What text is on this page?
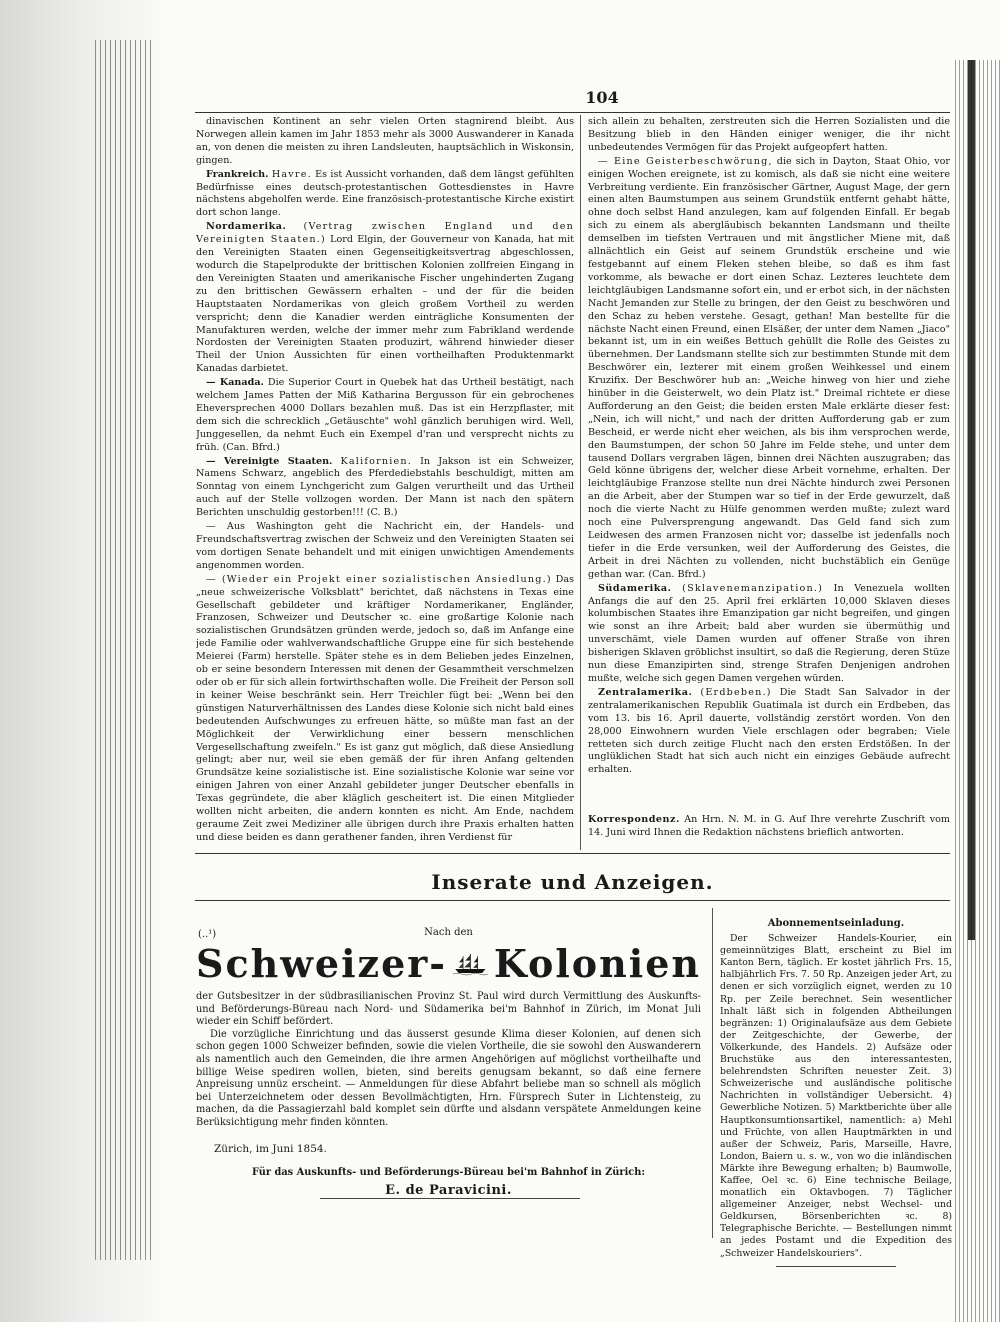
104

dinavischen Kontinent an sehr vielen Orten stagnirend bleibt. Aus Norwegen allein kamen im Jahr 1853 mehr als 3000 Auswanderer in Kanada an, von denen die meisten zu ihren Landsleuten, hauptsächlich in Wiskonsin, gingen.

Frankreich. Havre. Es ist Aussicht vorhanden, daß dem längst gefühlten Bedürfnisse eines deutsch-protestantischen Gottesdienstes in Havre nächstens abgeholfen werde. Eine französisch-protestantische Kirche existirt dort schon lange.

Nordamerika. (Vertrag zwischen England und den Vereinigten Staaten.) Lord Elgin, der Gouverneur von Kanada, hat mit den Vereinigten Staaten einen Gegenseitigkeitsvertrag abgeschlossen, wodurch die Stapelprodukte der brittischen Kolonien zollfreien Eingang in den Vereinigten Staaten und amerikanische Fischer ungehinderten Zugang zu den brittischen Gewässern erhalten – und der für die beiden Hauptstaaten Nordamerikas von gleich großem Vortheil zu werden verspricht; denn die Kanadier werden einträgliche Konsumenten der Manufakturen werden, welche der immer mehr zum Fabrikland werdende Nordosten der Vereinigten Staaten produzirt, während hinwieder dieser Theil der Union Aussichten für einen vortheilhaften Produktenmarkt Kanadas darbietet.

— Kanada. Die Superior Court in Quebek hat das Urtheil bestätigt, nach welchem James Patten der Miß Katharina Bergusson für ein gebrochenes Eheversprechen 4000 Dollars bezahlen muß. Das ist ein Herzpflaster, mit dem sich die schrecklich „Getäuschte" wohl gänzlich beruhigen wird. Well, Junggesellen, da nehmt Euch ein Exempel d'ran und versprecht nichts zu früh. (Can. Bfrd.)

— Vereinigte Staaten. Kalifornien. In Jakson ist ein Schweizer, Namens Schwarz, angeblich des Pferdediebstahls beschuldigt, mitten am Sonntag von einem Lynchgericht zum Galgen verurtheilt und das Urtheil auch auf der Stelle vollzogen worden. Der Mann ist nach den spätern Berichten unschuldig gestorben!!! (C. B.)

— Aus Washington geht die Nachricht ein, der Handels- und Freundschaftsvertrag zwischen der Schweiz und den Vereinigten Staaten sei vom dortigen Senate behandelt und mit einigen unwichtigen Amendements angenommen worden.

— (Wieder ein Projekt einer sozialistischen Ansiedlung.) Das „neue schweizerische Volksblatt" berichtet, daß nächstens in Texas eine Gesellschaft gebildeter und kräftiger Nordamerikaner, Engländer, Franzosen, Schweizer und Deutscher ꝛc. eine großartige Kolonie nach sozialistischen Grundsätzen gründen werde, jedoch so, daß im Anfange eine jede Familie oder wahlverwandschaftliche Gruppe eine für sich bestehende Meierei (Farm) herstelle. Später stehe es in dem Belieben jedes Einzelnen, ob er seine besondern Interessen mit denen der Gesammtheit verschmelzen oder ob er für sich allein fortwirthschaften wolle. Die Freiheit der Person soll in keiner Weise beschränkt sein. Herr Treichler fügt bei: „Wenn bei den günstigen Naturverhältnissen des Landes diese Kolonie sich nicht bald eines bedeutenden Aufschwunges zu erfreuen hätte, so müßte man fast an der Möglichkeit der Verwirklichung einer bessern menschlichen Vergesellschaftung zweifeln." Es ist ganz gut möglich, daß diese Ansiedlung gelingt; aber nur, weil sie eben gemäß der für ihren Anfang geltenden Grundsätze keine sozialistische ist. Eine sozialistische Kolonie war seine vor einigen Jahren von einer Anzahl gebildeter junger Deutscher ebenfalls in Texas gegründete, die aber kläglich gescheitert ist. Die einen Mitglieder wollten nicht arbeiten, die andern konnten es nicht. Am Ende, nachdem geraume Zeit zwei Mediziner alle übrigen durch ihre Praxis erhalten hatten und diese beiden es dann gerathener fanden, ihren Verdienst für

sich allein zu behalten, zerstreuten sich die Herren Sozialisten und die Besitzung blieb in den Händen einiger weniger, die ihr nicht unbedeutendes Vermögen für das Projekt aufgeopfert hatten.

— Eine Geisterbeschwörung, die sich in Dayton, Staat Ohio, vor einigen Wochen ereignete, ist zu komisch, als daß sie nicht eine weitere Verbreitung verdiente. Ein französischer Gärtner, August Mage, der gern einen alten Baumstumpen aus seinem Grundstük entfernt gehabt hätte, ohne doch selbst Hand anzulegen, kam auf folgenden Einfall. Er begab sich zu einem als abergläubisch bekannten Landsmann und theilte demselben im tiefsten Vertrauen und mit ängstlicher Miene mit, daß allnächtlich ein Geist auf seinem Grundstük erscheine und wie festgebannt auf einem Fleken stehen bleibe, so daß es ihm fast vorkomme, als bewache er dort einen Schaz. Lezteres leuchtete dem leichtgläubigen Landsmanne sofort ein, und er erbot sich, in der nächsten Nacht Jemanden zur Stelle zu bringen, der den Geist zu beschwören und den Schaz zu heben verstehe. Gesagt, gethan! Man bestellte für die nächste Nacht einen Freund, einen Elsäßer, der unter dem Namen „Jiaco" bekannt ist, um in ein weißes Bettuch gehüllt die Rolle des Geistes zu übernehmen. Der Landsmann stellte sich zur bestimmten Stunde mit dem Beschwörer ein, lezterer mit einem großen Weihkessel und einem Kruzifix. Der Beschwörer hub an: „Weiche hinweg von hier und ziehe hinüber in die Geisterwelt, wo dein Platz ist." Dreimal richtete er diese Aufforderung an den Geist; die beiden ersten Male erklärte dieser fest: „Nein, ich will nicht," und nach der dritten Aufforderung gab er zum Bescheid, er werde nicht eher weichen, als bis ihm versprochen werde, den Baumstumpen, der schon 50 Jahre im Felde stehe, und unter dem tausend Dollars vergraben lägen, binnen drei Nächten auszugraben; das Geld könne übrigens der, welcher diese Arbeit vornehme, erhalten. Der leichtgläubige Franzose stellte nun drei Nächte hindurch zwei Personen an die Arbeit, aber der Stumpen war so tief in der Erde gewurzelt, daß noch die vierte Nacht zu Hülfe genommen werden mußte; zulezt ward noch eine Pulversprengung angewandt. Das Geld fand sich zum Leidwesen des armen Franzosen nicht vor; dasselbe ist jedenfalls noch tiefer in die Erde versunken, weil der Aufforderung des Geistes, die Arbeit in drei Nächten zu vollenden, nicht buchstäblich ein Genüge gethan war. (Can. Bfrd.)

Südamerika. (Sklavenemanzipation.) In Venezuela wollten Anfangs die auf den 25. April frei erklärten 10,000 Sklaven dieses kolumbischen Staates ihre Emanzipation gar nicht begreifen, und gingen wie sonst an ihre Arbeit; bald aber wurden sie übermüthig und unverschämt, viele Damen wurden auf offener Straße von ihren bisherigen Sklaven gröblichst insultirt, so daß die Regierung, deren Stüze nun diese Emanzipirten sind, strenge Strafen Denjenigen androhen mußte, welche sich gegen Damen vergehen würden.

Zentralamerika. (Erdbeben.) Die Stadt San Salvador in der zentralamerikanischen Republik Guatimala ist durch ein Erdbeben, das vom 13. bis 16. April dauerte, vollständig zerstört worden. Von den 28,000 Einwohnern wurden Viele erschlagen oder begraben; Viele retteten sich durch zeitige Flucht nach den ersten Erdstößen. In der unglüklichen Stadt hat sich auch nicht ein einziges Gebäude aufrecht erhalten.

Korrespondenz. An Hrn. N. M. in G. Auf Ihre verehrte Zuschrift vom 14. Juni wird Ihnen die Redaktion nächstens brieflich antworten.
Inserate und Anzeigen.
(..¹)	Nach den
Schweizer- Kolonien

der Gutsbesitzer in der südbrasilianischen Provinz St. Paul wird durch Vermittlung des Auskunfts- und Beförderungs-Büreau nach Nord- und Südamerika bei'm Bahnhof in Zürich, im Monat Juli wieder ein Schiff befördert.

Die vorzügliche Einrichtung und das äusserst gesunde Klima dieser Kolonien, auf denen sich schon gegen 1000 Schweizer befinden, sowie die vielen Vortheile, die sie sowohl den Auswanderern als namentlich auch den Gemeinden, die ihre armen Angehörigen auf möglichst vortheilhafte und billige Weise spediren wollen, bieten, sind bereits genugsam bekannt, so daß eine fernere Anpreisung unnüz erscheint. — Anmeldungen für diese Abfahrt beliebe man so schnell als möglich bei Unterzeichnetem oder dessen Bevollmächtigten, Hrn. Fürsprech Suter in Lichtensteig, zu machen, da die Passagierzahl bald komplet sein dürfte und alsdann verspätete Anmeldungen keine Berüksichtigung mehr finden könnten.

Zürich, im Juni 1854.
Für das Auskunfts- und Beförderungs-Büreau bei'm Bahnhof in Zürich:
E. de Paravicini.
Abonnementseinladung.

Der Schweizer Handels-Kourier, ein gemeinnütziges Blatt, erscheint zu Biel im Kanton Bern, täglich. Er kostet jährlich Frs. 15, halbjährlich Frs. 7. 50 Rp. Anzeigen jeder Art, zu denen er sich vorzüglich eignet, werden zu 10 Rp. per Zeile berechnet. Sein wesentlicher Inhalt läßt sich in folgenden Abtheilungen begränzen: 1) Originalaufsäze aus dem Gebiete der Zeitgeschichte, der Gewerbe, der Völkerkunde, des Handels. 2) Aufsäze oder Bruchstüke aus den interessantesten, belehrendsten Schriften neuester Zeit. 3) Schweizerische und ausländische politische Nachrichten in vollständiger Uebersicht. 4) Gewerbliche Notizen. 5) Marktberichte über alle Hauptkonsumtionsartikel, namentlich: a) Mehl und Früchte, von allen Hauptmärkten in und außer der Schweiz, Paris, Marseille, Havre, London, Baiern u. s. w., von wo die inländischen Märkte ihre Bewegung erhalten; b) Baumwolle, Kaffee, Oel ꝛc. 6) Eine technische Beilage, monatlich ein Oktavbogen. 7) Täglicher allgemeiner Anzeiger, nebst Wechsel- und Geldkursen, Börsenberichten ꝛc. 8) Telegraphische Berichte. — Bestellungen nimmt an jedes Postamt und die Expedition des „Schweizer Handelskouriers".
